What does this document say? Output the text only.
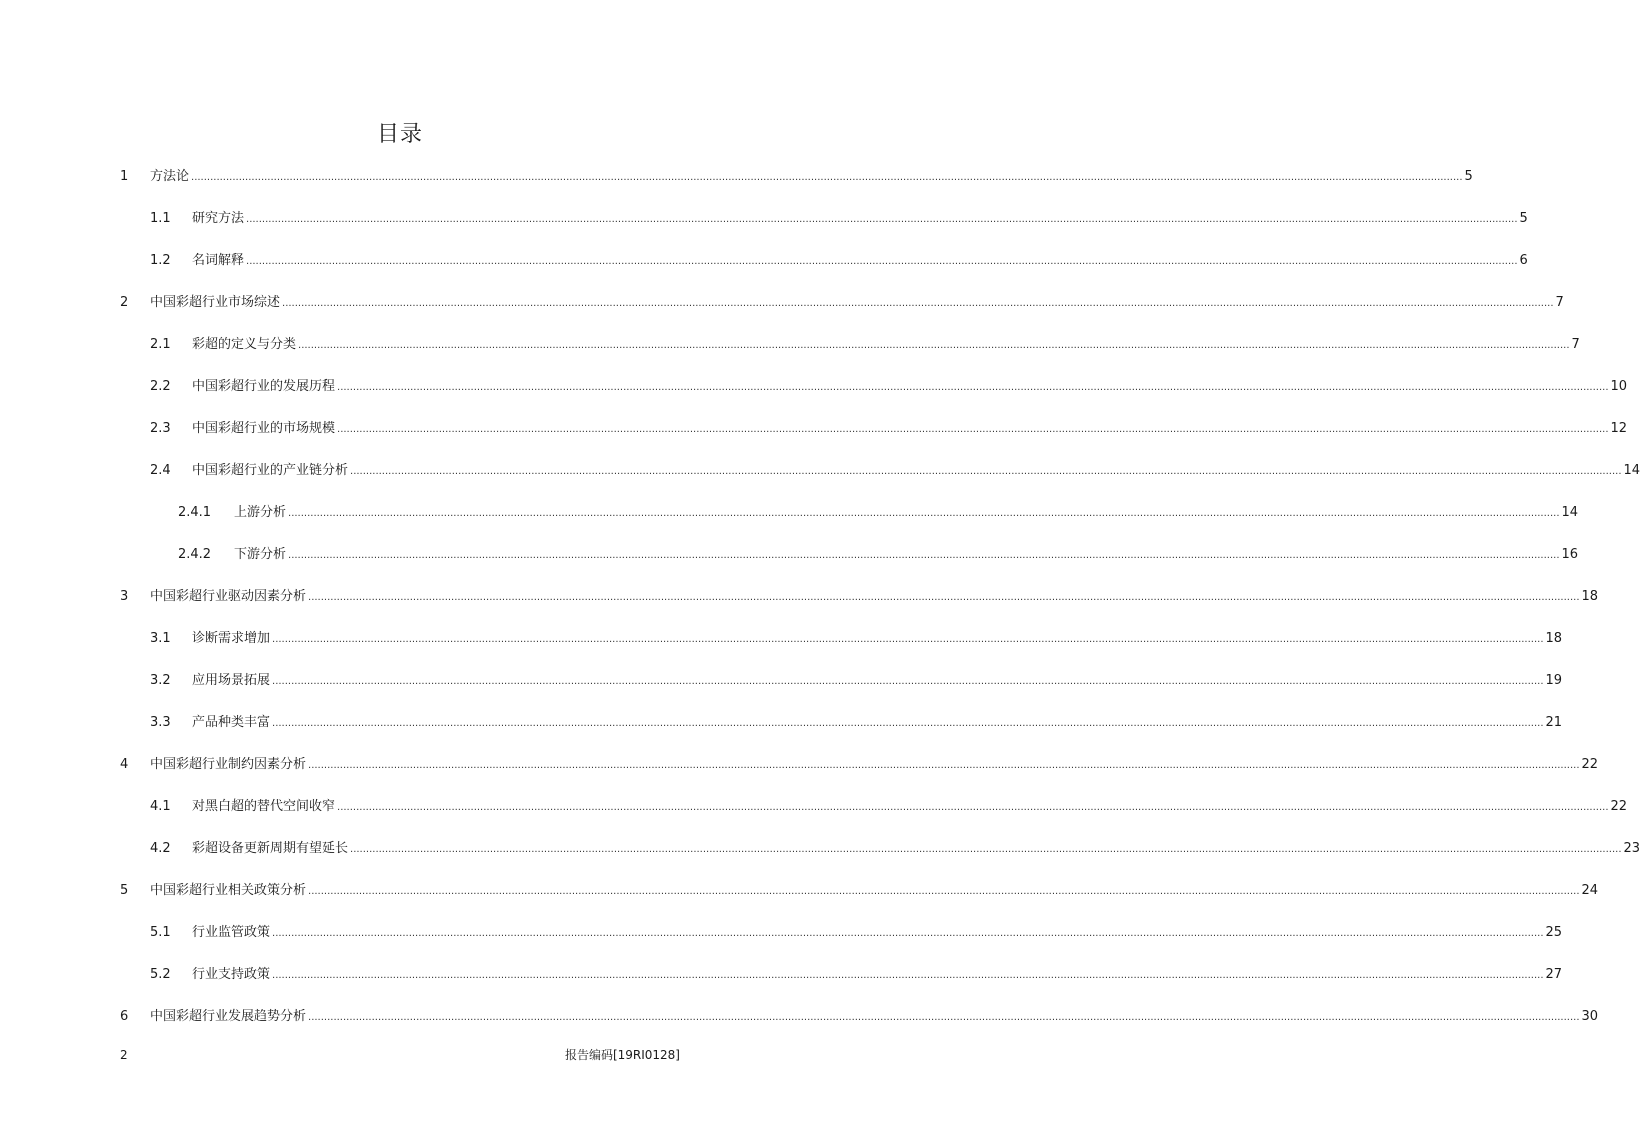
目录
1 方法论 ................................................................................................................................................................................................................................................................................................................................................................................................................ 5
1.1 研究方法 ................................................................................................................................................................................................................................................................................................................................................................................................................ 5
1.2 名词解释 ................................................................................................................................................................................................................................................................................................................................................................................................................ 6
2 中国彩超行业市场综述 ................................................................................................................................................................................................................................................................................................................................................................................................................ 7
2.1 彩超的定义与分类 ................................................................................................................................................................................................................................................................................................................................................................................................................ 7
2.2 中国彩超行业的发展历程 ................................................................................................................................................................................................................................................................................................................................................................................................................ 10
2.3 中国彩超行业的市场规模 ................................................................................................................................................................................................................................................................................................................................................................................................................ 12
2.4 中国彩超行业的产业链分析 ................................................................................................................................................................................................................................................................................................................................................................................................................ 14
2.4.1 上游分析 ................................................................................................................................................................................................................................................................................................................................................................................................................ 14
2.4.2 下游分析 ................................................................................................................................................................................................................................................................................................................................................................................................................ 16
3 中国彩超行业驱动因素分析 ................................................................................................................................................................................................................................................................................................................................................................................................................ 18
3.1 诊断需求增加 ................................................................................................................................................................................................................................................................................................................................................................................................................ 18
3.2 应用场景拓展 ................................................................................................................................................................................................................................................................................................................................................................................................................ 19
3.3 产品种类丰富 ................................................................................................................................................................................................................................................................................................................................................................................................................ 21
4 中国彩超行业制约因素分析 ................................................................................................................................................................................................................................................................................................................................................................................................................ 22
4.1 对黑白超的替代空间收窄 ................................................................................................................................................................................................................................................................................................................................................................................................................ 22
4.2 彩超设备更新周期有望延长 ................................................................................................................................................................................................................................................................................................................................................................................................................ 23
5 中国彩超行业相关政策分析 ................................................................................................................................................................................................................................................................................................................................................................................................................ 24
5.1 行业监管政策 ................................................................................................................................................................................................................................................................................................................................................................................................................ 25
5.2 行业支持政策 ................................................................................................................................................................................................................................................................................................................................................................................................................ 27
6 中国彩超行业发展趋势分析 ................................................................................................................................................................................................................................................................................................................................................................................................................ 30
2	报告编码[19RI0128]
